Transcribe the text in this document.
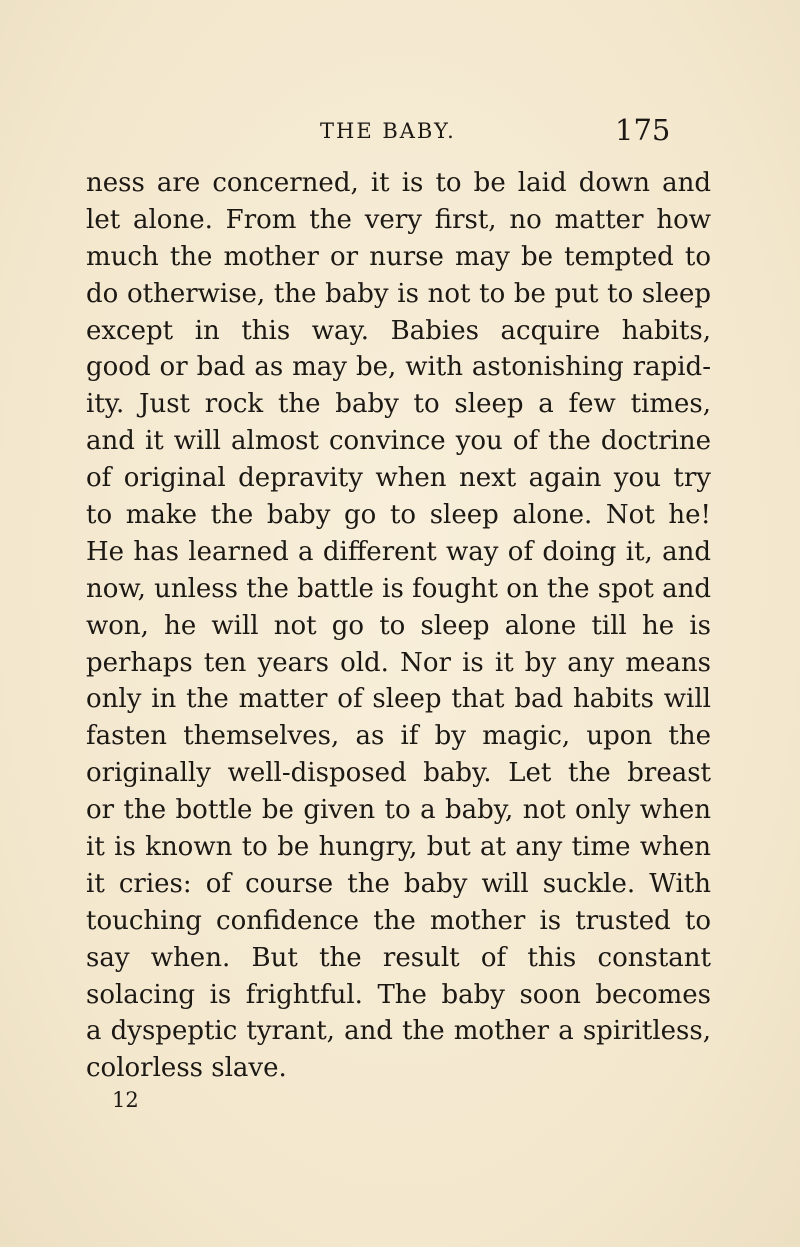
THE BABY.	175
ness are concerned, it is to be laid down and
let alone. From the very first, no matter how
much the mother or nurse may be tempted to
do otherwise, the baby is not to be put to sleep
except in this way. Babies acquire habits,
good or bad as may be, with astonishing rapid-
ity. Just rock the baby to sleep a few times,
and it will almost convince you of the doctrine
of original depravity when next again you try
to make the baby go to sleep alone. Not he!
He has learned a different way of doing it, and
now, unless the battle is fought on the spot and
won, he will not go to sleep alone till he is
perhaps ten years old. Nor is it by any means
only in the matter of sleep that bad habits will
fasten themselves, as if by magic, upon the
originally well-disposed baby. Let the breast
or the bottle be given to a baby, not only when
it is known to be hungry, but at any time when
it cries: of course the baby will suckle. With
touching confidence the mother is trusted to
say when. But the result of this constant
solacing is frightful. The baby soon becomes
a dyspeptic tyrant, and the mother a spiritless,
colorless slave.
12
